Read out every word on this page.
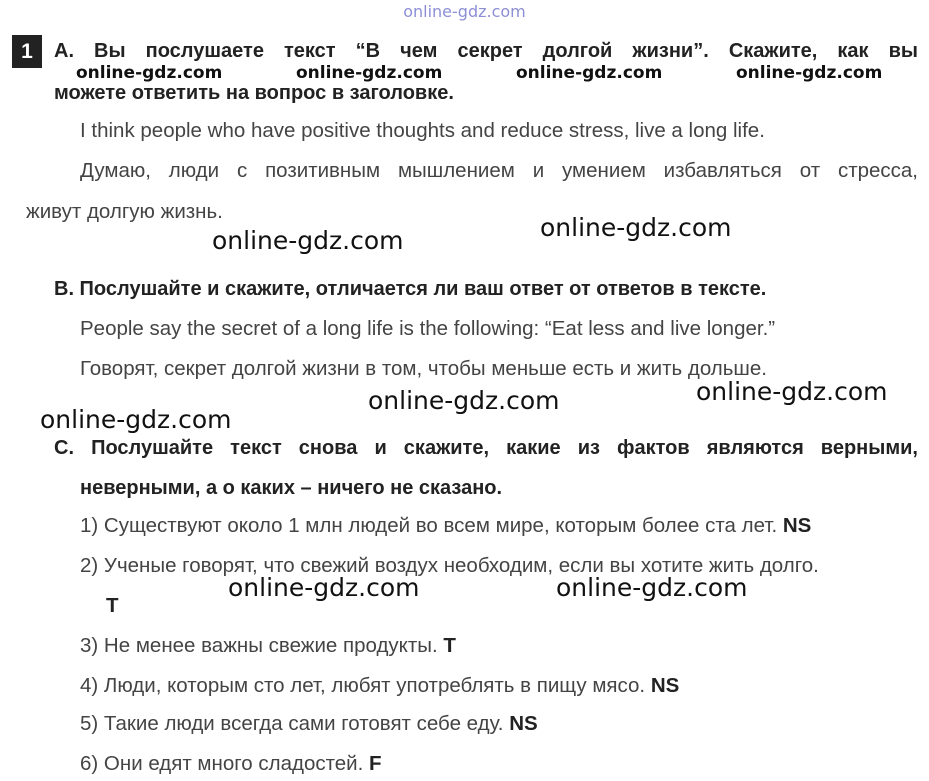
online-gdz.com
1	A. Вы послушаете текст “В чем секрет долгой жизни”. Скажите, как вы
online-gdz.com	online-gdz.com	online-gdz.com	online-gdz.com
можете ответить на вопрос в заголовке.
I think people who have positive thoughts and reduce stress, live a long life.
Думаю, люди с позитивным мышлением и умением избавляться от стресса,
живут долгую жизнь.
online-gdz.com	online-gdz.com
B. Послушайте и скажите, отличается ли ваш ответ от ответов в тексте.
People say the secret of a long life is the following: “Eat less and live longer.”
Говорят, секрет долгой жизни в том, чтобы меньше есть и жить дольше.
online-gdz.com
online-gdz.com	online-gdz.com
C. Послушайте текст снова и скажите, какие из фактов являются верными,
неверными, а о каких – ничего не сказано.
1) Существуют около 1 млн людей во всем мире, которым более ста лет. NS
2) Ученые говорят, что свежий воздух необходим, если вы хотите жить долго.
T
online-gdz.com	online-gdz.com
3) Не менее важны свежие продукты. T
4) Люди, которым сто лет, любят употреблять в пищу мясо. NS
5) Такие люди всегда сами готовят себе еду. NS
6) Они едят много сладостей. F
